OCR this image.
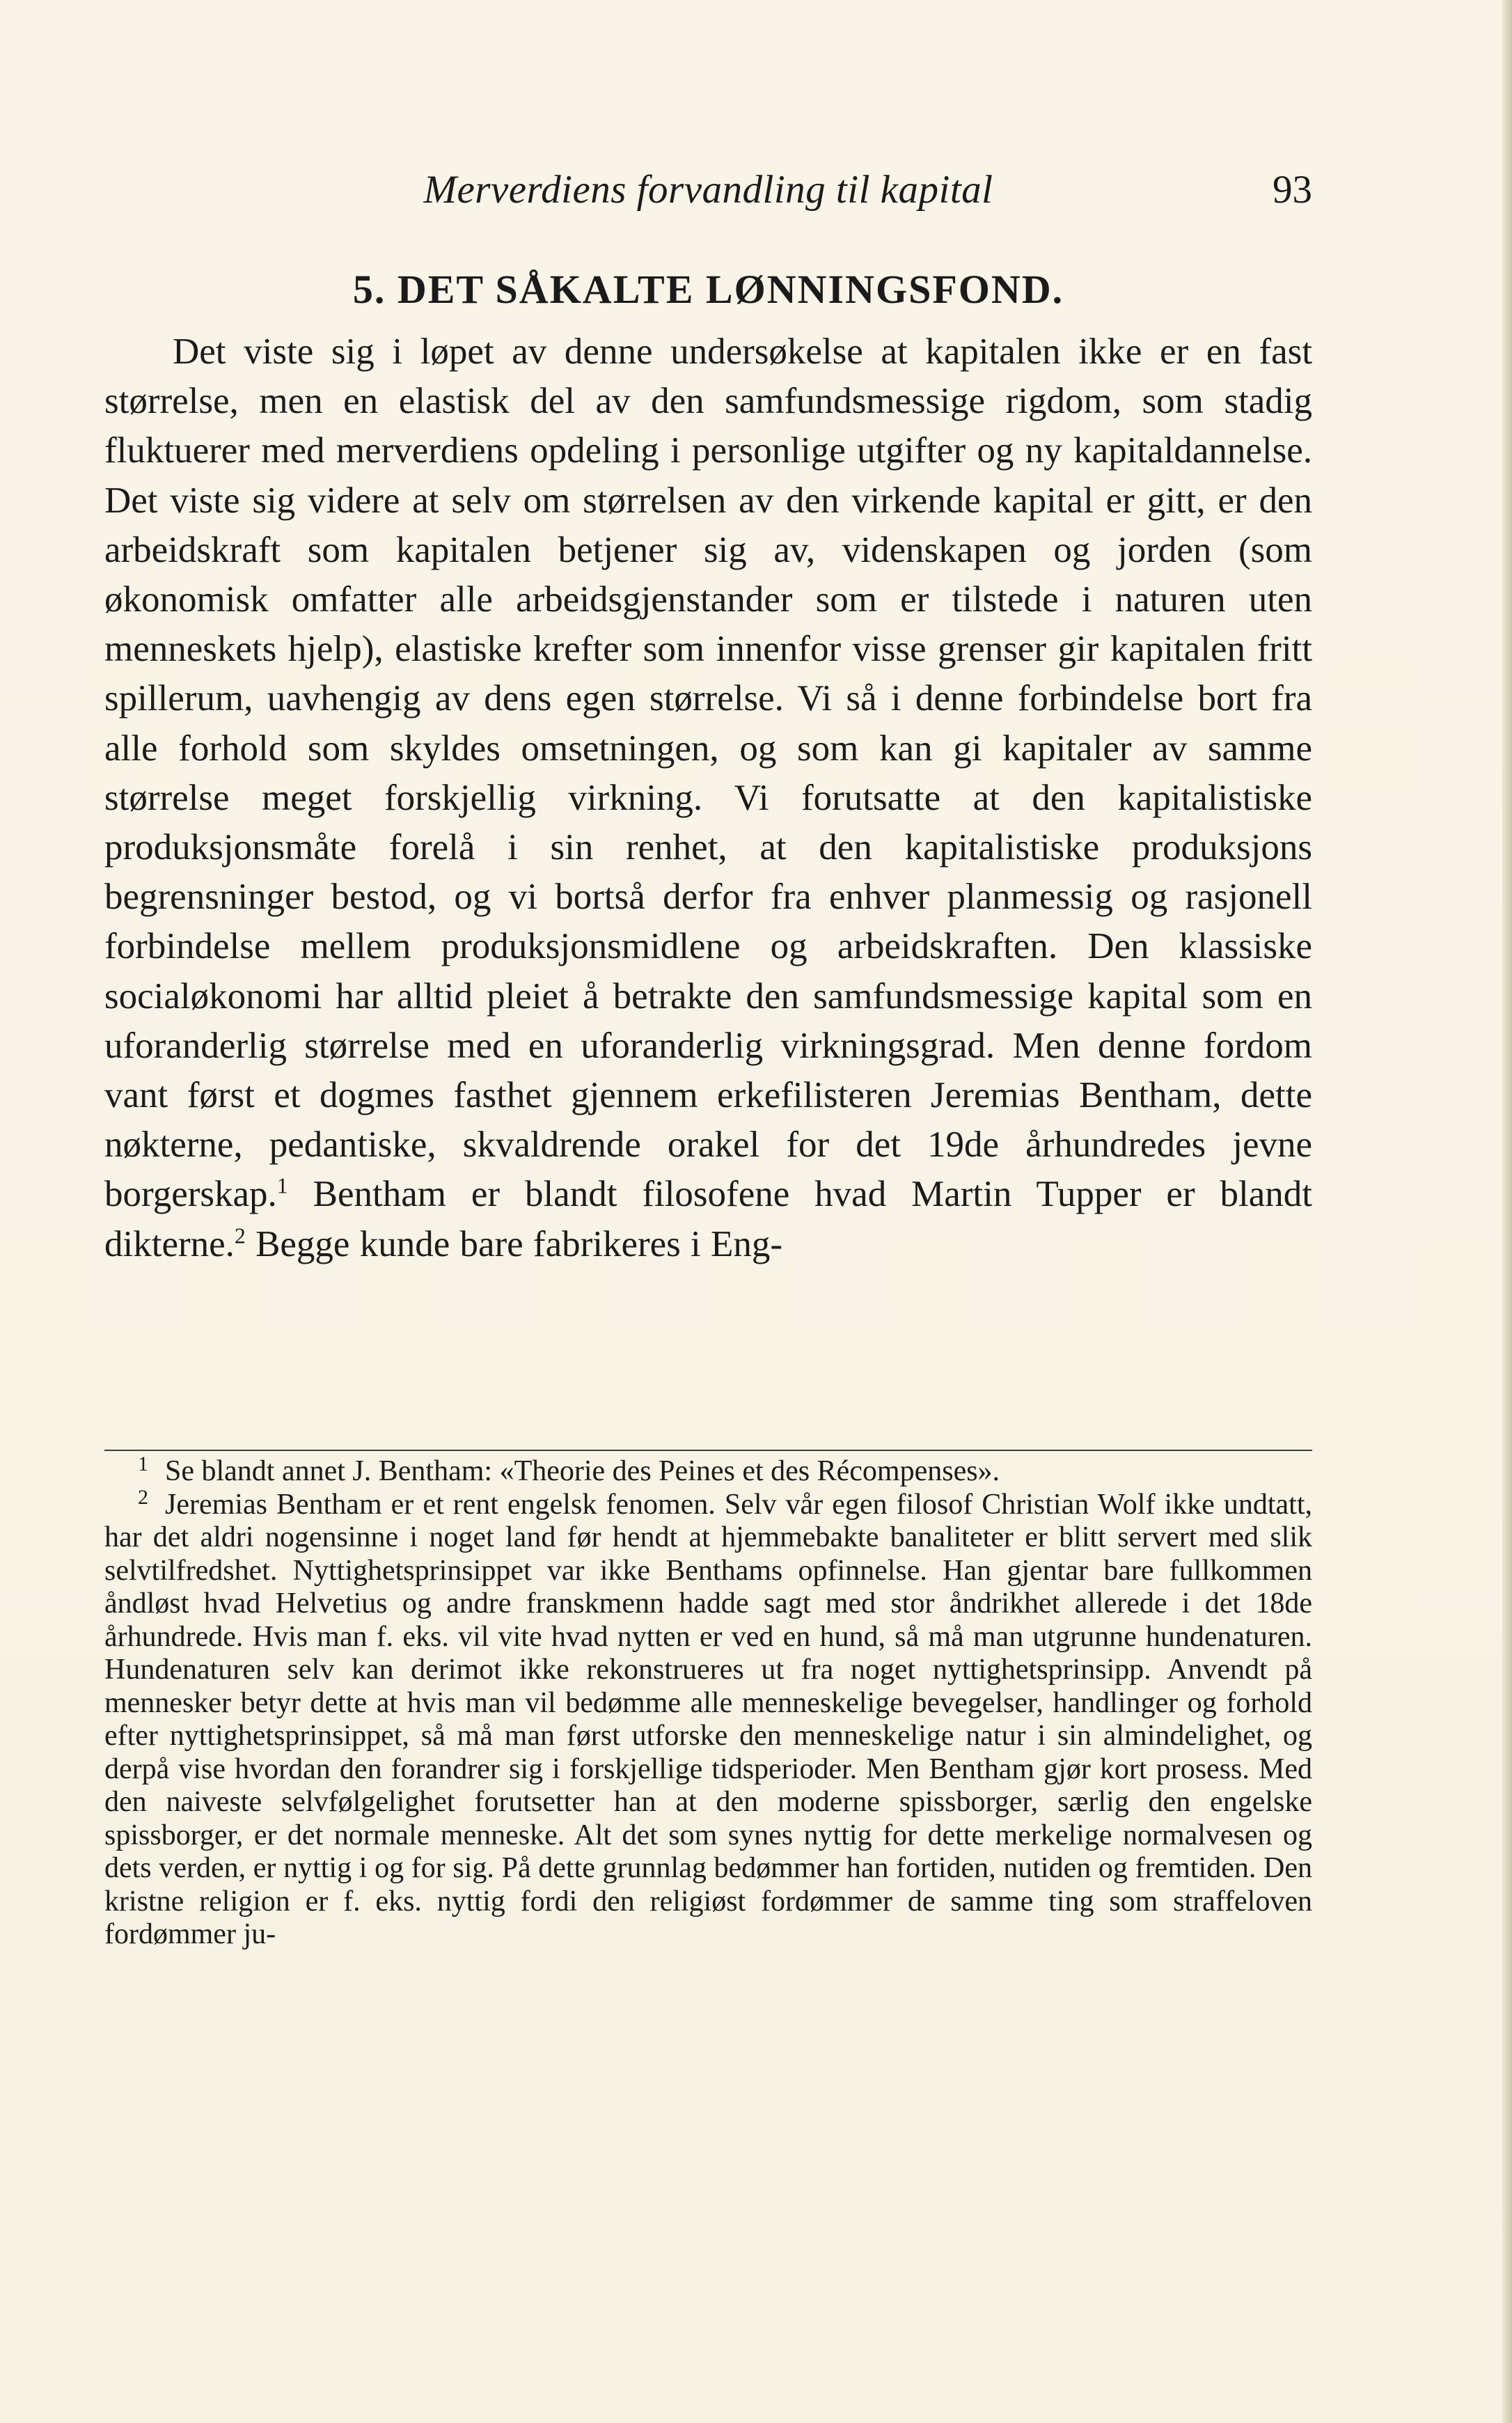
Merverdiens forvandling til kapital	93
5. DET SÅKALTE LØNNINGSFOND.

Det viste sig i løpet av denne undersøkelse at kapitalen ikke er en fast størrelse, men en elastisk del av den samfundsmessige rigdom, som stadig fluktuerer med merverdiens opdeling i personlige utgifter og ny kapitaldannelse. Det viste sig videre at selv om størrelsen av den virkende kapital er gitt, er den arbeidskraft som kapitalen betjener sig av, videnskapen og jorden (som økonomisk omfatter alle arbeidsgjenstander som er tilstede i naturen uten menneskets hjelp), elastiske krefter som innenfor visse grenser gir kapitalen fritt spillerum, uavhengig av dens egen størrelse. Vi så i denne forbindelse bort fra alle forhold som skyldes omsetningen, og som kan gi kapitaler av samme størrelse meget forskjellig virkning. Vi forutsatte at den kapitalistiske produksjonsmåte forelå i sin renhet, at den kapitalistiske produksjons begrensninger bestod, og vi bortså derfor fra enhver planmessig og rasjonell forbindelse mellem produksjonsmidlene og arbeidskraften. Den klassiske socialøkonomi har alltid pleiet å betrakte den samfundsmessige kapital som en uforanderlig størrelse med en uforanderlig virkningsgrad. Men denne fordom vant først et dogmes fasthet gjennem erkefilisteren Jeremias Bentham, dette nøkterne, pedantiske, skvaldrende orakel for det 19de århundredes jevne borgerskap.$^1$ Bentham er blandt filosofene hvad Martin Tupper er blandt dikterne.$^2$ Begge kunde bare fabrikeres i Eng-

$^1$ Se blandt annet J. Bentham: «Theorie des Peines et des Récompenses».

$^2$ Jeremias Bentham er et rent engelsk fenomen. Selv vår egen filosof Christian Wolf ikke undtatt, har det aldri nogensinne i noget land før hendt at hjemmebakte banaliteter er blitt servert med slik selvtilfredshet. Nyttighetsprinsippet var ikke Benthams opfinnelse. Han gjentar bare fullkommen åndløst hvad Helvetius og andre franskmenn hadde sagt med stor åndrikhet allerede i det 18de århundrede. Hvis man f. eks. vil vite hvad nytten er ved en hund, så må man utgrunne hundenaturen. Hundenaturen selv kan derimot ikke rekonstrueres ut fra noget nyttighetsprinsipp. Anvendt på mennesker betyr dette at hvis man vil bedømme alle menneskelige bevegelser, handlinger og forhold efter nyttighetsprinsippet, så må man først utforske den menneskelige natur i sin almindelighet, og derpå vise hvordan den forandrer sig i forskjellige tidsperioder. Men Bentham gjør kort prosess. Med den naiveste selvfølgelighet forutsetter han at den moderne spissborger, særlig den engelske spissborger, er det normale menneske. Alt det som synes nyttig for dette merkelige normalvesen og dets verden, er nyttig i og for sig. På dette grunnlag bedømmer han fortiden, nutiden og fremtiden. Den kristne religion er f. eks. nyttig fordi den religiøst fordømmer de samme ting som straffeloven fordømmer ju-
